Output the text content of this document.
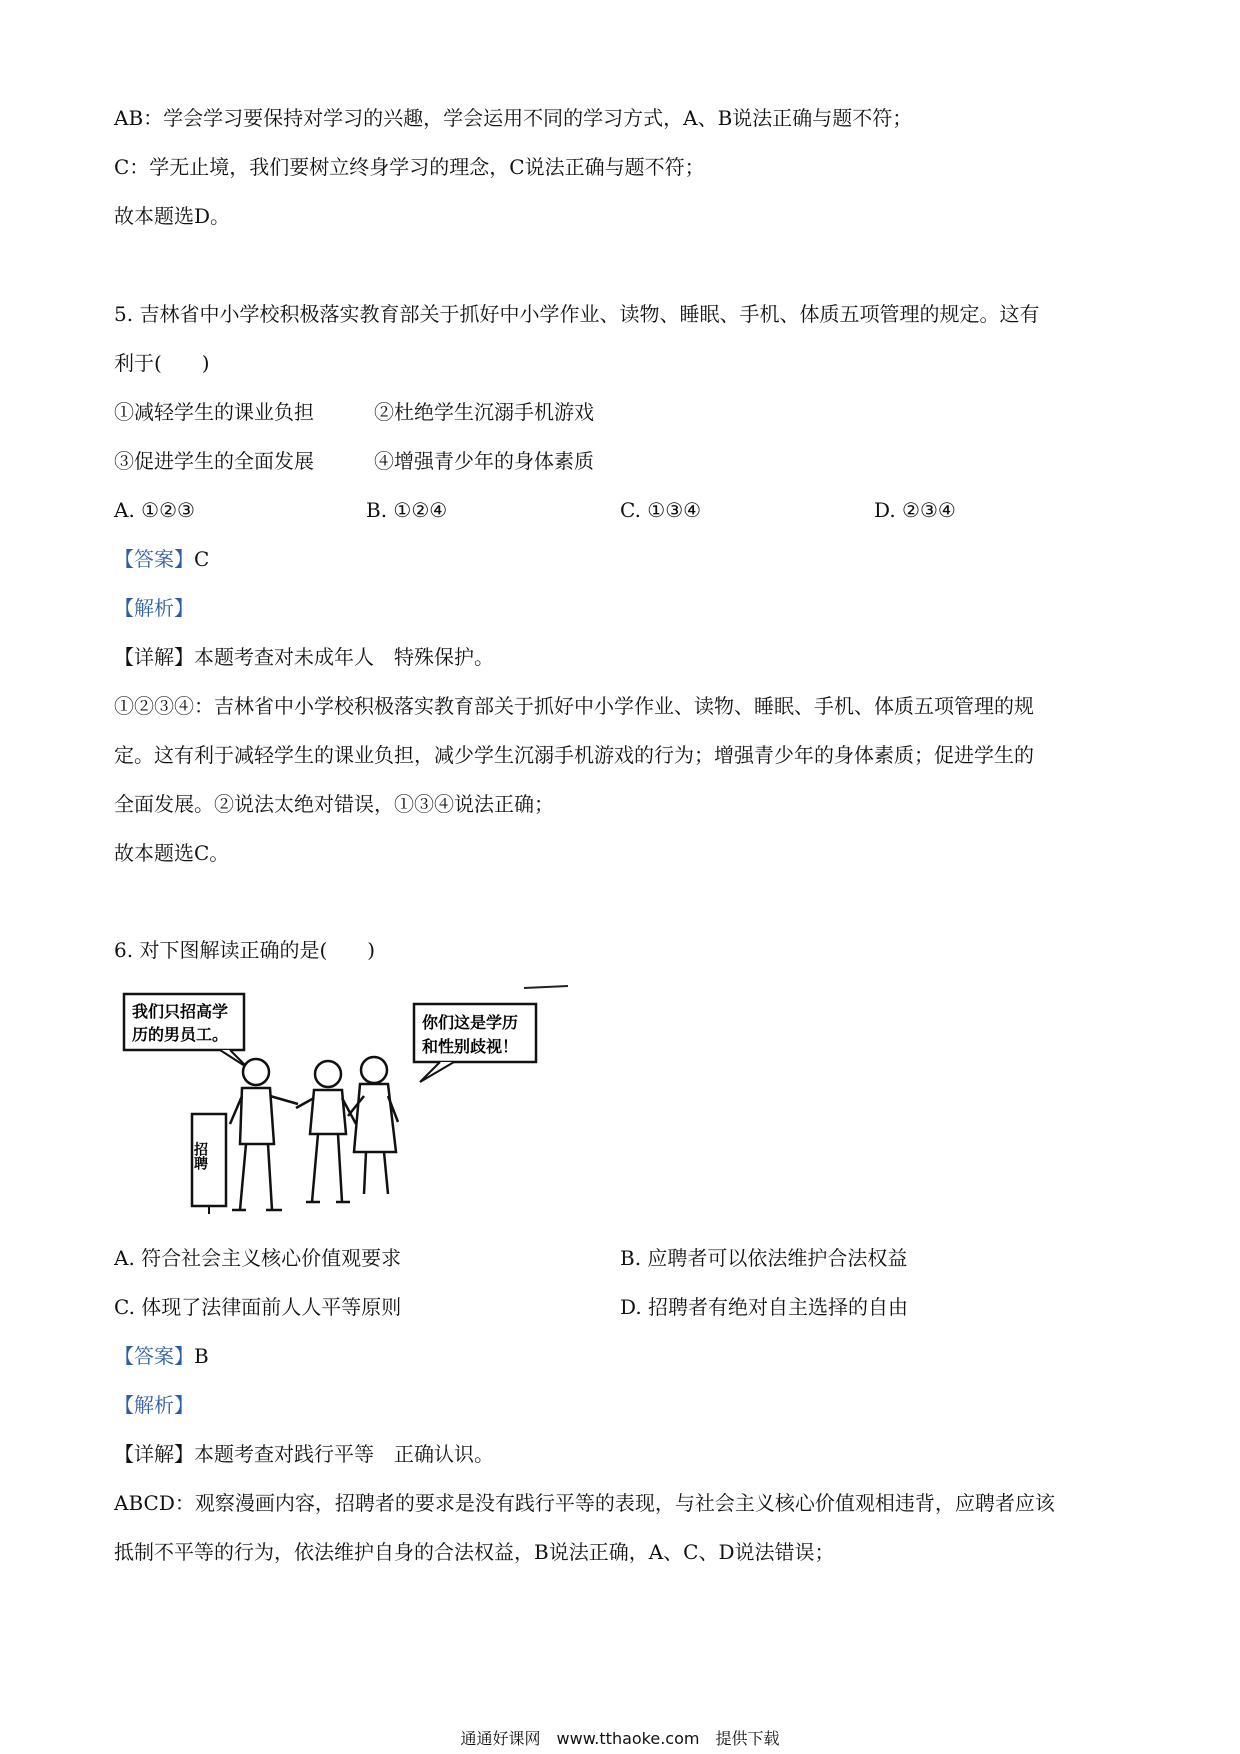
AB：学会学习要保持对学习的兴趣，学会运用不同的学习方式，A、B说法正确与题不符；
C：学无止境，我们要树立终身学习的理念，C说法正确与题不符；
故本题选D。
5. 吉林省中小学校积极落实教育部关于抓好中小学作业、读物、睡眠、手机、体质五项管理的规定。这有
利于(　　)
①减轻学生的课业负担	②杜绝学生沉溺手机游戏
③促进学生的全面发展	④增强青少年的身体素质
A. ①②③	B. ①②④	C. ①③④	D. ②③④
【答案】C
【解析】
【详解】本题考查对未成年人　特殊保护。
①②③④：吉林省中小学校积极落实教育部关于抓好中小学作业、读物、睡眠、手机、体质五项管理的规
定。这有利于减轻学生的课业负担，减少学生沉溺手机游戏的行为；增强青少年的身体素质；促进学生的
全面发展。②说法太绝对错误，①③④说法正确；
故本题选C。
6. 对下图解读正确的是(　　)
我们只招高学
历的男员工。
你们这是学历
和性别歧视！
招聘
A. 符合社会主义核心价值观要求	B. 应聘者可以依法维护合法权益
C. 体现了法律面前人人平等原则	D. 招聘者有绝对自主选择的自由
【答案】B
【解析】
【详解】本题考查对践行平等　正确认识。
ABCD：观察漫画内容，招聘者的要求是没有践行平等的表现，与社会主义核心价值观相违背，应聘者应该
抵制不平等的行为，依法维护自身的合法权益，B说法正确，A、C、D说法错误；
通通好课网　www.tthaoke.com　提供下载
